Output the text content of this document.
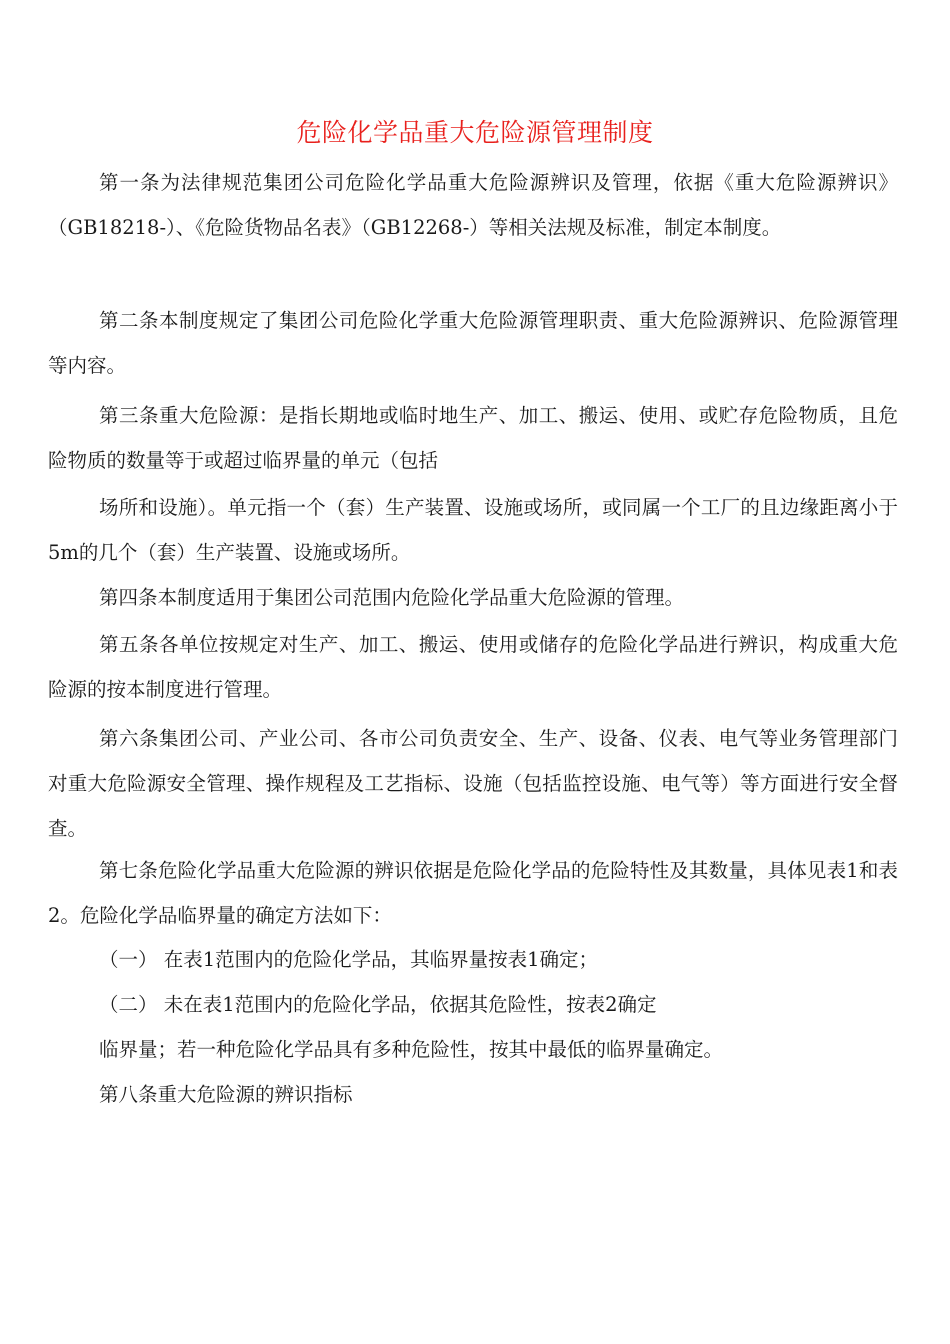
危险化学品重大危险源管理制度

第一条为法律规范集团公司危险化学品重大危险源辨识及管理，依据《重大危险源辨识》（GB18218-）、《危险货物品名表》（GB12268-）等相关法规及标准，制定本制度。

第二条本制度规定了集团公司危险化学重大危险源管理职责、重大危险源辨识、危险源管理等内容。

第三条重大危险源：是指长期地或临时地生产、加工、搬运、使用、或贮存危险物质，且危险物质的数量等于或超过临界量的单元（包括

场所和设施）。单元指一个（套）生产装置、设施或场所，或同属一个工厂的且边缘距离小于5m的几个（套）生产装置、设施或场所。

第四条本制度适用于集团公司范围内危险化学品重大危险源的管理。

第五条各单位按规定对生产、加工、搬运、使用或储存的危险化学品进行辨识，构成重大危险源的按本制度进行管理。

第六条集团公司、产业公司、各市公司负责安全、生产、设备、仪表、电气等业务管理部门对重大危险源安全管理、操作规程及工艺指标、设施（包括监控设施、电气等）等方面进行安全督查。

第七条危险化学品重大危险源的辨识依据是危险化学品的危险特性及其数量，具体见表1和表2。危险化学品临界量的确定方法如下：

（一） 在表1范围内的危险化学品，其临界量按表1确定；

（二） 未在表1范围内的危险化学品，依据其危险性，按表2确定

临界量；若一种危险化学品具有多种危险性，按其中最低的临界量确定。

第八条重大危险源的辨识指标
